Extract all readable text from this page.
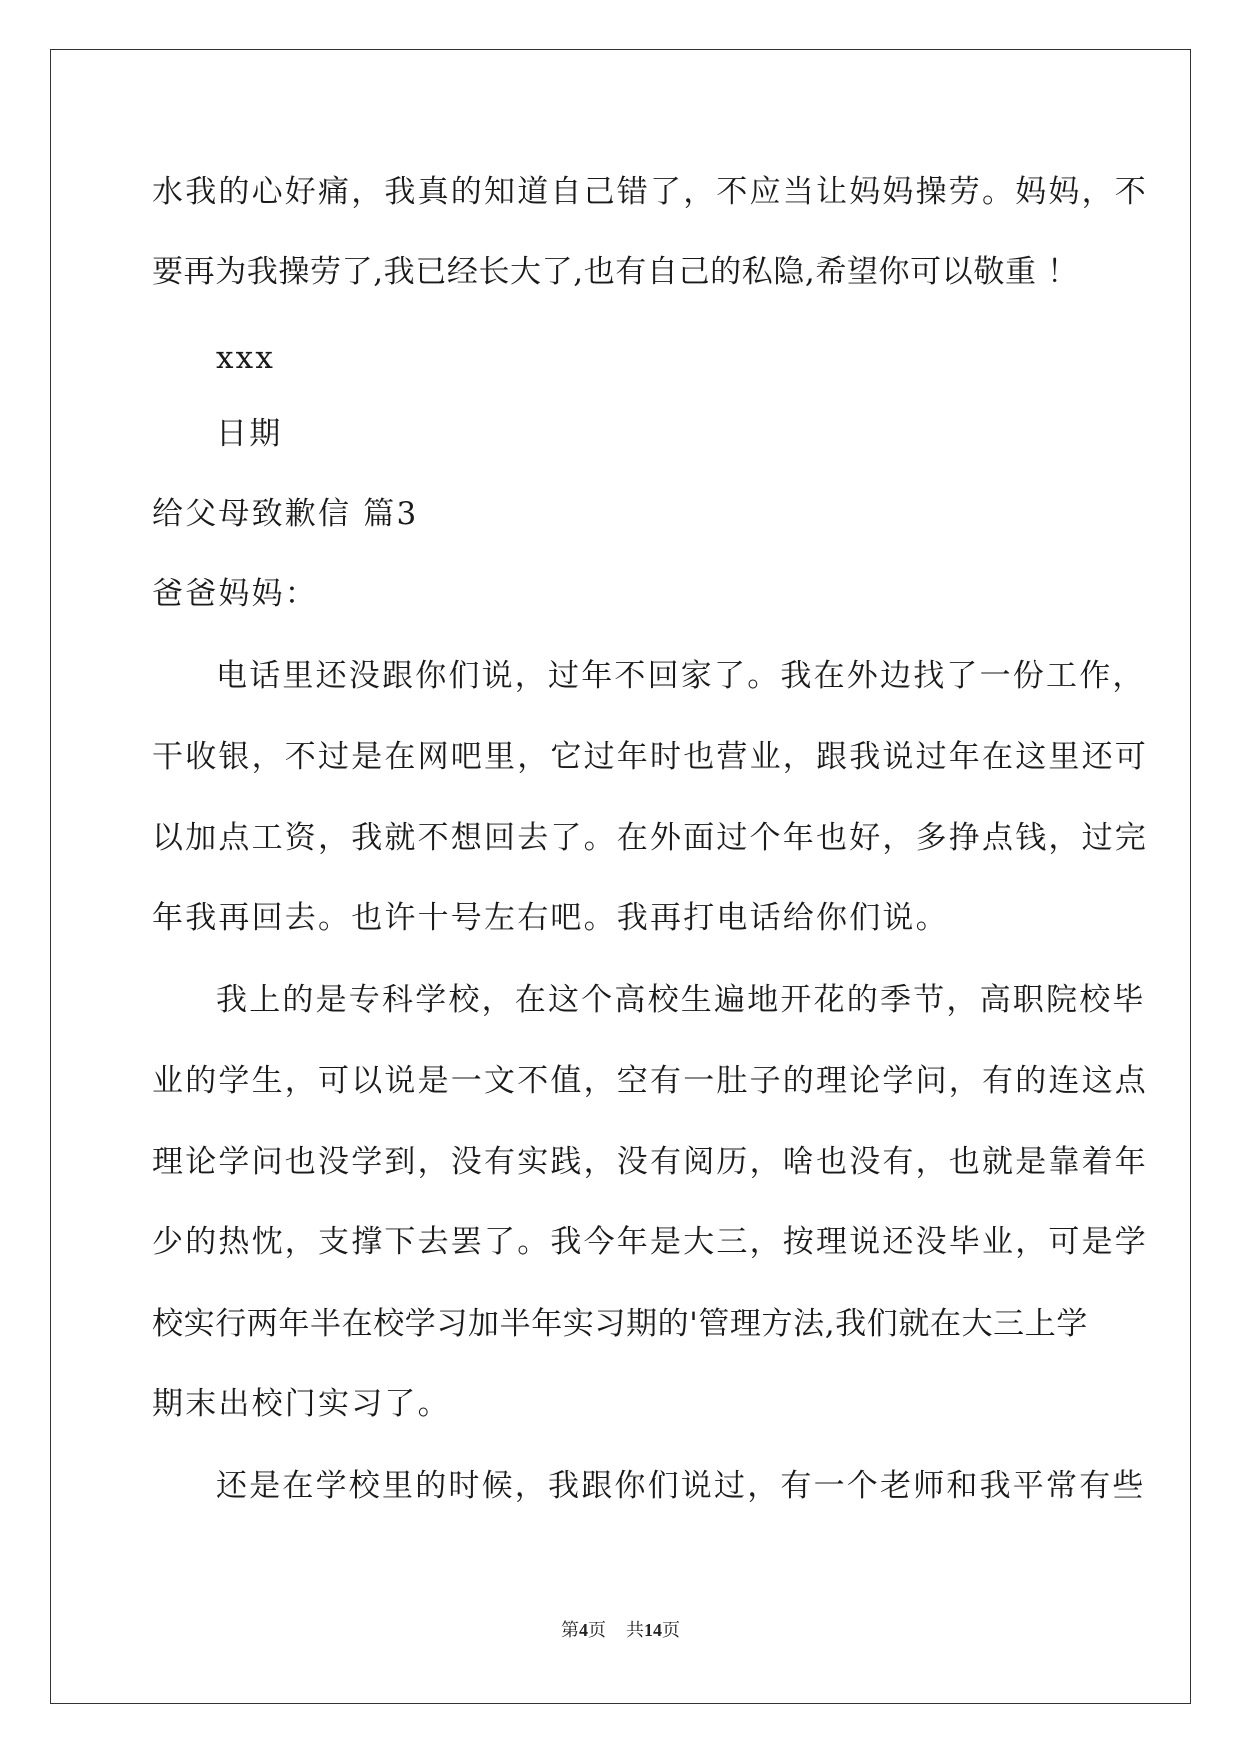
水我的心好痛，我真的知道自己错了，不应当让妈妈操劳。妈妈，不
要再为我操劳了,我已经长大了,也有自己的私隐,希望你可以敬重 ！
xxx
日期
给父母致歉信 篇3
爸爸妈妈：
电话里还没跟你们说，过年不回家了。我在外边找了一份工作，
干收银，不过是在网吧里，它过年时也营业，跟我说过年在这里还可
以加点工资，我就不想回去了。在外面过个年也好，多挣点钱，过完
年我再回去。也许十号左右吧。我再打电话给你们说。
我上的是专科学校，在这个高校生遍地开花的季节，高职院校毕
业的学生，可以说是一文不值，空有一肚子的理论学问，有的连这点
理论学问也没学到，没有实践，没有阅历，啥也没有，也就是靠着年
少的热忱，支撑下去罢了。我今年是大三，按理说还没毕业，可是学
校实行两年半在校学习加半年实习期的'管理方法,我们就在大三上学
期末出校门实习了。
还是在学校里的时候，我跟你们说过，有一个老师和我平常有些
第4页 共14页
